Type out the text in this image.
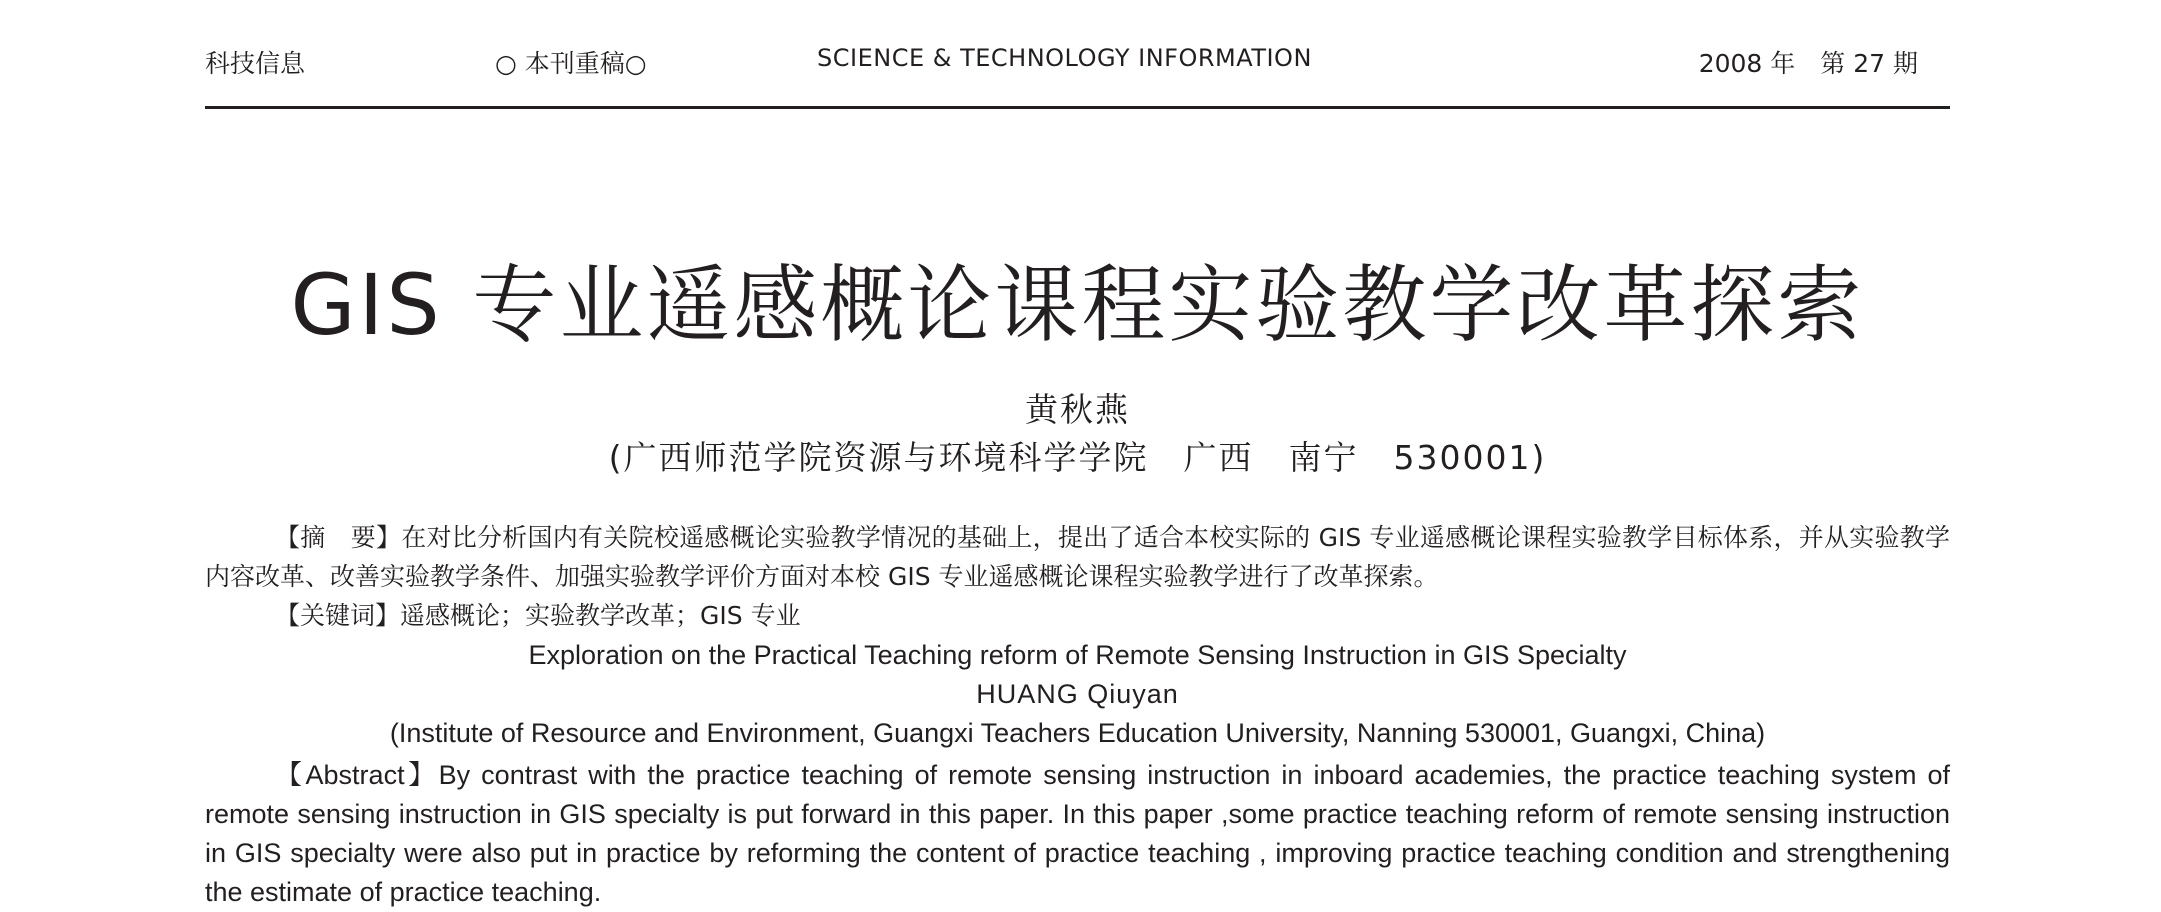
科技信息	○ 本刊重稿○	SCIENCE & TECHNOLOGY INFORMATION	2008 年　第 27 期
GIS 专业遥感概论课程实验教学改革探索
黄秋燕
(广西师范学院资源与环境科学学院　广西　南宁　530001)

【摘　要】在对比分析国内有关院校遥感概论实验教学情况的基础上，提出了适合本校实际的 GIS 专业遥感概论课程实验教学目标体系，并从实验教学内容改革、改善实验教学条件、加强实验教学评价方面对本校 GIS 专业遥感概论课程实验教学进行了改革探索。

【关键词】遥感概论；实验教学改革；GIS 专业

Exploration on the Practical Teaching reform of Remote Sensing Instruction in GIS Specialty
HUANG Qiuyan
(Institute of Resource and Environment, Guangxi Teachers Education University, Nanning 530001, Guangxi, China)

【Abstract】By contrast with the practice teaching of remote sensing instruction in inboard academies, the practice teaching system of remote sensing instruction in GIS specialty is put forward in this paper. In this paper ,some practice teaching reform of remote sensing instruction in GIS specialty were also put in practice by reforming the content of practice teaching , improving practice teaching condition and strengthening the estimate of practice teaching.
